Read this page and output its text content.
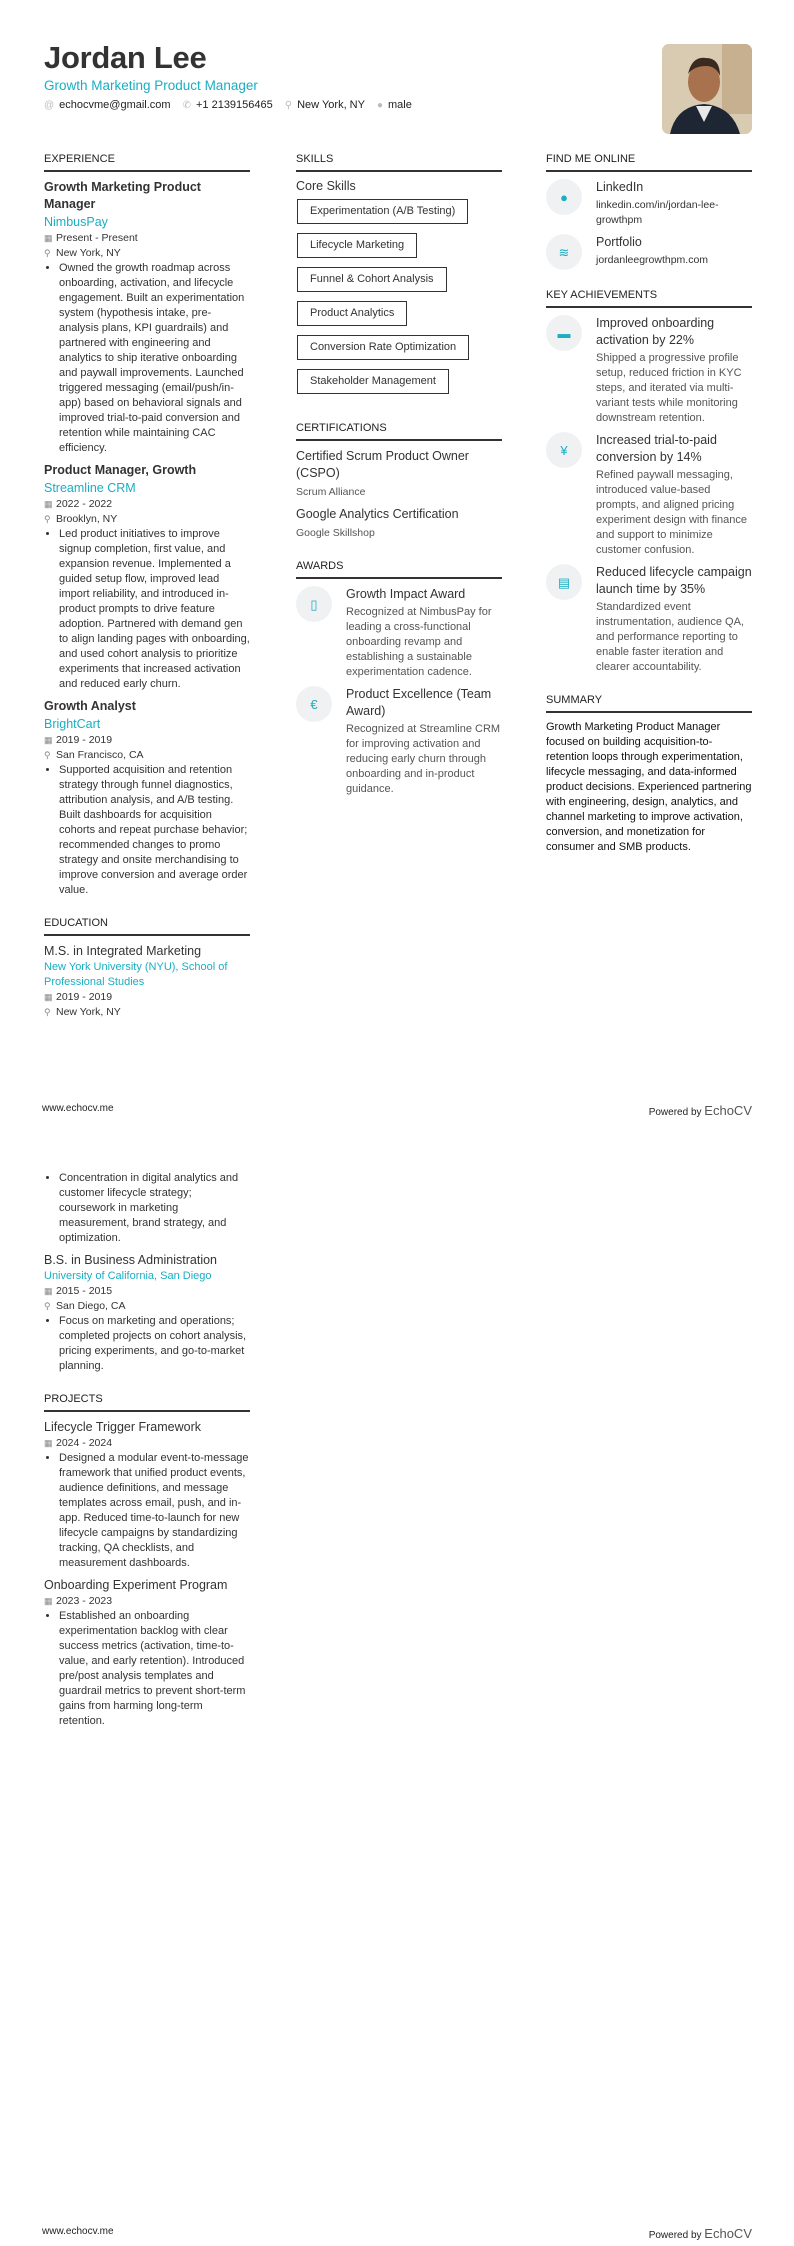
Jordan Lee
Growth Marketing Product Manager
@ echocvme@gmail.com ✆ +1 2139156465 ⚲ New York, NY ● male
EXPERIENCE
Growth Marketing Product Manager
NimbusPay
▦ Present - Present
⚲ New York, NY
• Owned the growth roadmap across onboarding, activation, and lifecycle engagement. Built an experimentation system (hypothesis intake, pre-analysis plans, KPI guardrails) and partnered with engineering and analytics to ship iterative onboarding and paywall improvements. Launched triggered messaging (email/push/in-app) based on behavioral signals and improved trial-to-paid conversion and retention while maintaining CAC efficiency.
Product Manager, Growth
Streamline CRM
▦ 2022 - 2022
⚲ Brooklyn, NY
• Led product initiatives to improve signup completion, first value, and expansion revenue. Implemented a guided setup flow, improved lead import reliability, and introduced in-product prompts to drive feature adoption. Partnered with demand gen to align landing pages with onboarding, and used cohort analysis to prioritize experiments that increased activation and reduced early churn.
Growth Analyst
BrightCart
▦ 2019 - 2019
⚲ San Francisco, CA
• Supported acquisition and retention strategy through funnel diagnostics, attribution analysis, and A/B testing. Built dashboards for acquisition cohorts and repeat purchase behavior; recommended changes to promo strategy and onsite merchandising to improve conversion and average order value.
EDUCATION
M.S. in Integrated Marketing
New York University (NYU), School of Professional Studies
▦ 2019 - 2019
⚲ New York, NY
SKILLS
Core Skills
Experimentation (A/B Testing)
Lifecycle Marketing
Funnel & Cohort Analysis
Product Analytics
Conversion Rate Optimization
Stakeholder Management
CERTIFICATIONS
Certified Scrum Product Owner (CSPO)
Scrum Alliance
Google Analytics Certification
Google Skillshop
AWARDS
▯
Growth Impact Award
Recognized at NimbusPay for leading a cross-functional onboarding revamp and establishing a sustainable experimentation cadence.
€
Product Excellence (Team Award)
Recognized at Streamline CRM for improving activation and reducing early churn through onboarding and in-product guidance.
FIND ME ONLINE
●
LinkedIn
linkedin.com/in/jordan-lee-growthpm
≋
Portfolio
jordanleegrowthpm.com
KEY ACHIEVEMENTS
▬
Improved onboarding activation by 22%
Shipped a progressive profile setup, reduced friction in KYC steps, and iterated via multi-variant tests while monitoring downstream retention.
¥
Increased trial-to-paid conversion by 14%
Refined paywall messaging, introduced value-based prompts, and aligned pricing experiment design with finance and support to minimize customer confusion.
▤
Reduced lifecycle campaign launch time by 35%
Standardized event instrumentation, audience QA, and performance reporting to enable faster iteration and clearer accountability.
SUMMARY
Growth Marketing Product Manager focused on building acquisition-to-retention loops through experimentation, lifecycle messaging, and data-informed product decisions. Experienced partnering with engineering, design, analytics, and channel marketing to improve activation, conversion, and monetization for consumer and SMB products.
www.echocv.me	Powered by EchoCV
• Concentration in digital analytics and customer lifecycle strategy; coursework in marketing measurement, brand strategy, and optimization.
B.S. in Business Administration
University of California, San Diego
▦ 2015 - 2015
⚲ San Diego, CA
• Focus on marketing and operations; completed projects on cohort analysis, pricing experiments, and go-to-market planning.
PROJECTS
Lifecycle Trigger Framework
▦ 2024 - 2024
• Designed a modular event-to-message framework that unified product events, audience definitions, and message templates across email, push, and in-app. Reduced time-to-launch for new lifecycle campaigns by standardizing tracking, QA checklists, and measurement dashboards.
Onboarding Experiment Program
▦ 2023 - 2023
• Established an onboarding experimentation backlog with clear success metrics (activation, time-to-value, and early retention). Introduced pre/post analysis templates and guardrail metrics to prevent short-term gains from harming long-term retention.
www.echocv.me	Powered by EchoCV
